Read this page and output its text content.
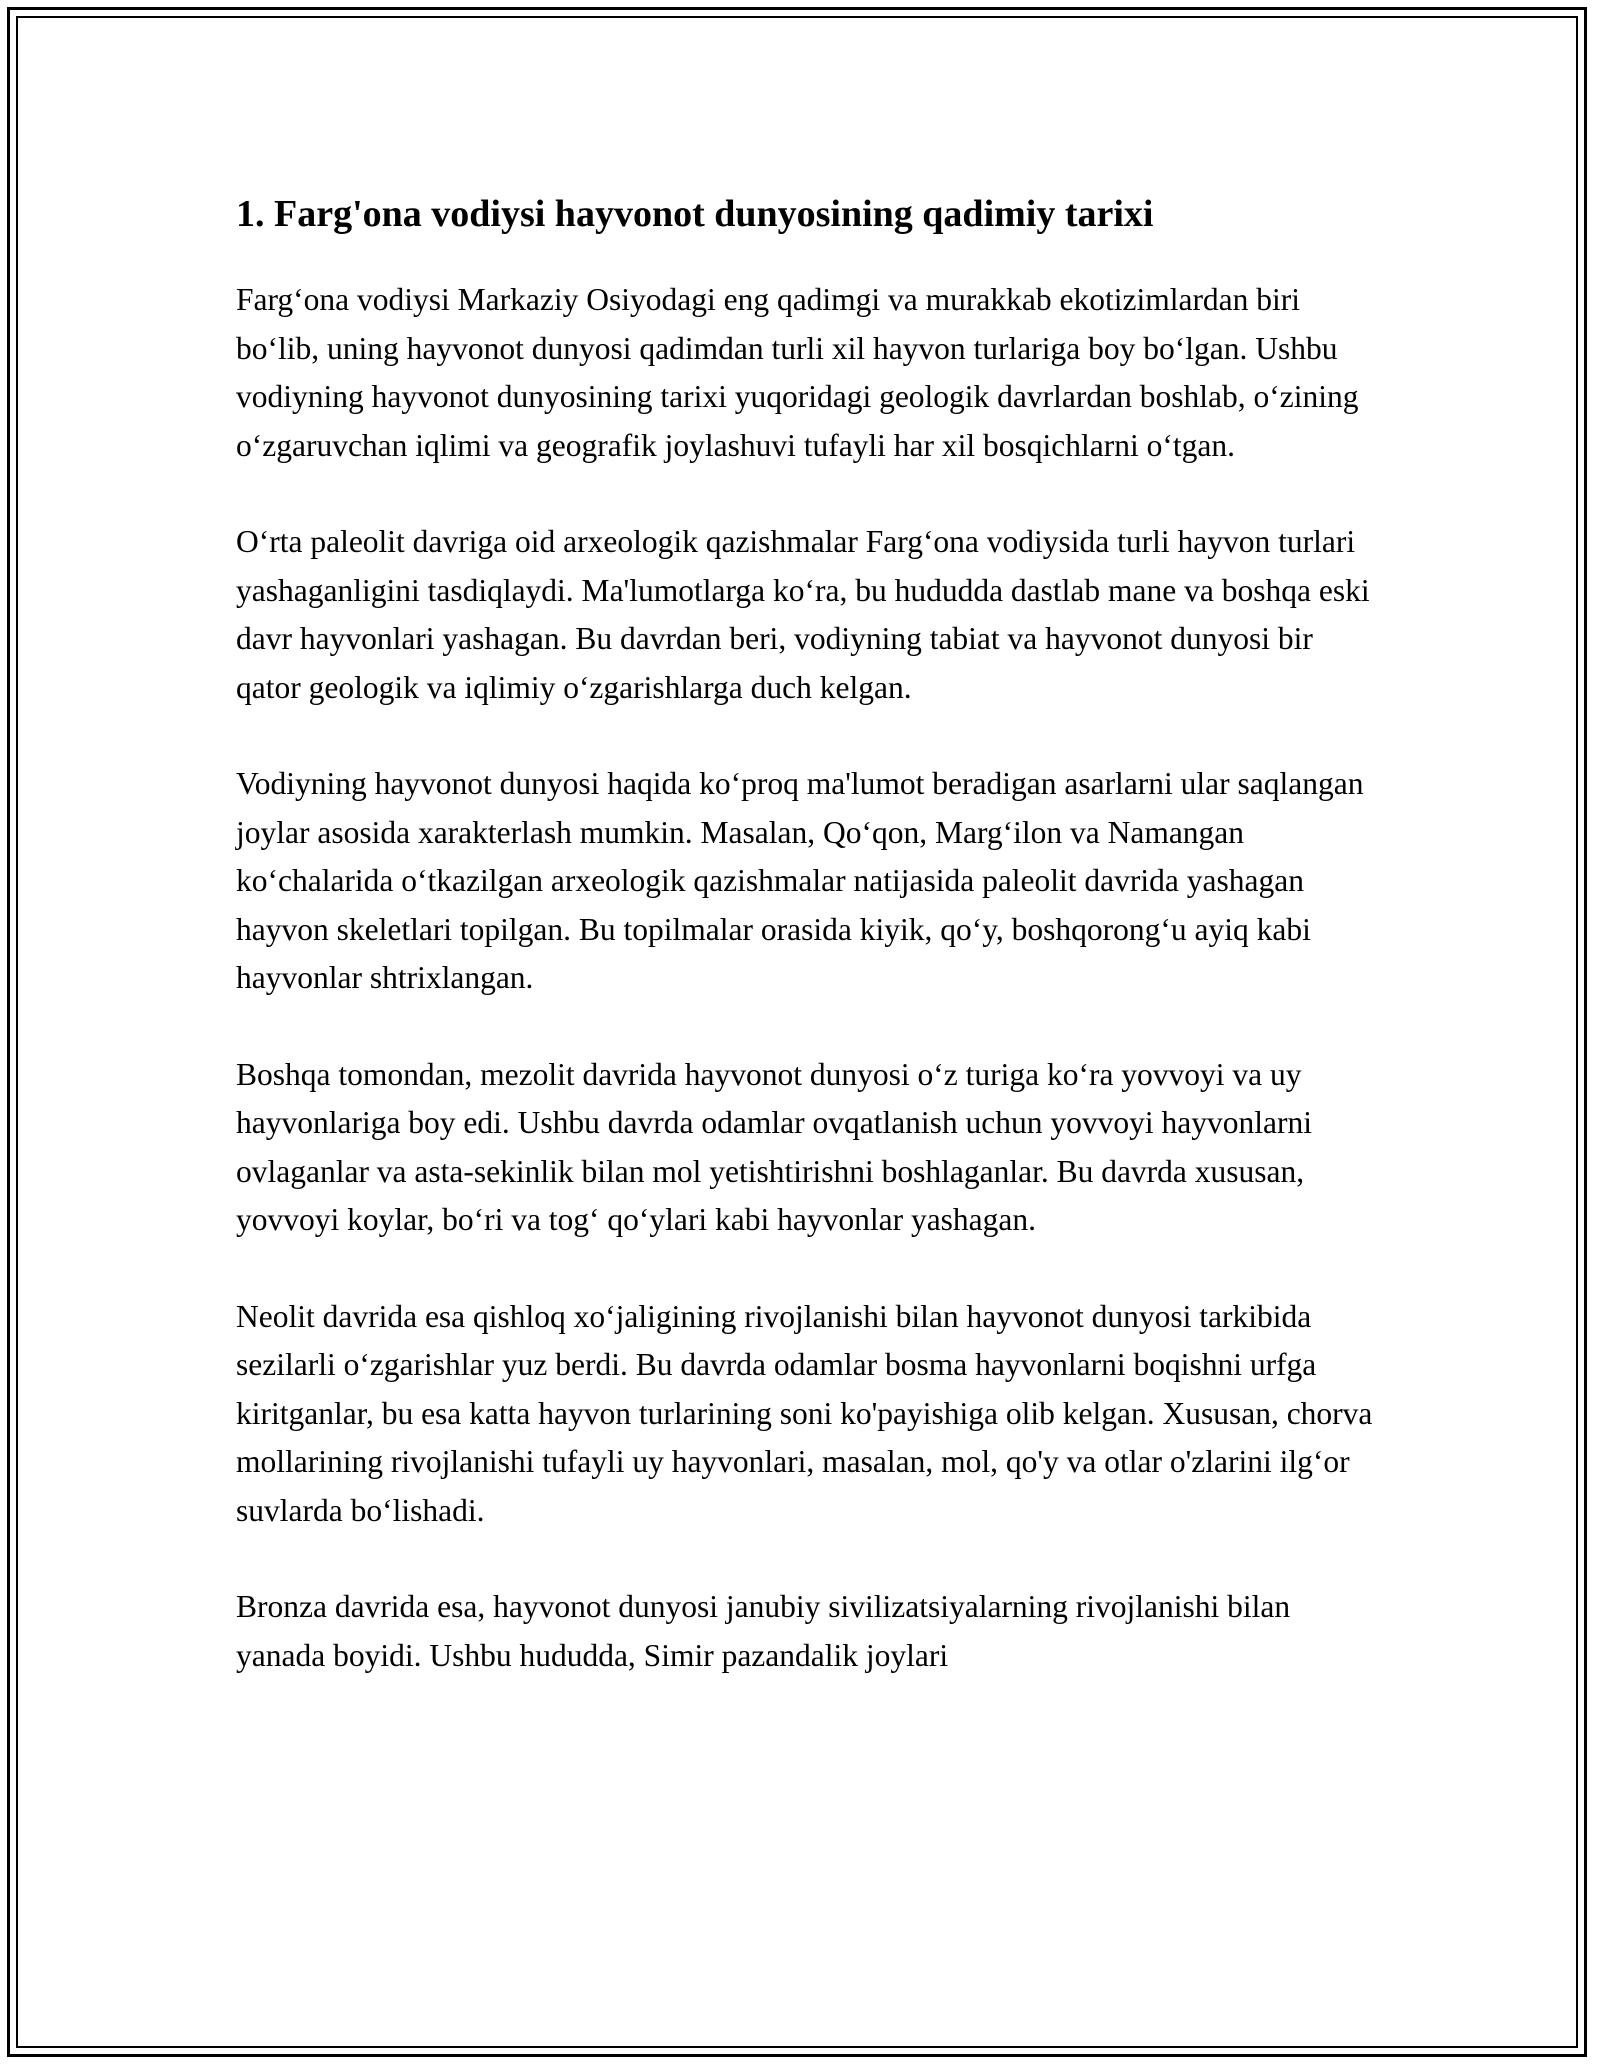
1. Farg'ona vodiysi hayvonot dunyosining qadimiy tarixi

Farg‘ona vodiysi Markaziy Osiyodagi eng qadimgi va murakkab ekotizimlardan biri bo‘lib, uning hayvonot dunyosi qadimdan turli xil hayvon turlariga boy bo‘lgan. Ushbu vodiyning hayvonot dunyosining tarixi yuqoridagi geologik davrlardan boshlab, o‘zining o‘zgaruvchan iqlimi va geografik joylashuvi tufayli har xil bosqichlarni o‘tgan.

O‘rta paleolit davriga oid arxeologik qazishmalar Farg‘ona vodiysida turli hayvon turlari yashaganligini tasdiqlaydi. Ma'lumotlarga ko‘ra, bu hududda dastlab mane va boshqa eski davr hayvonlari yashagan. Bu davrdan beri, vodiyning tabiat va hayvonot dunyosi bir qator geologik va iqlimiy o‘zgarishlarga duch kelgan.

Vodiyning hayvonot dunyosi haqida ko‘proq ma'lumot beradigan asarlarni ular saqlangan joylar asosida xarakterlash mumkin. Masalan, Qo‘qon, Marg‘ilon va Namangan ko‘chalarida o‘tkazilgan arxeologik qazishmalar natijasida paleolit davrida yashagan hayvon skeletlari topilgan. Bu topilmalar orasida kiyik, qo‘y, boshqorong‘u ayiq kabi hayvonlar shtrixlangan.

Boshqa tomondan, mezolit davrida hayvonot dunyosi o‘z turiga ko‘ra yovvoyi va uy hayvonlariga boy edi. Ushbu davrda odamlar ovqatlanish uchun yovvoyi hayvonlarni ovlaganlar va asta-sekinlik bilan mol yetishtirishni boshlaganlar. Bu davrda xususan, yovvoyi koylar, bo‘ri va tog‘ qo‘ylari kabi hayvonlar yashagan.

Neolit davrida esa qishloq xo‘jaligining rivojlanishi bilan hayvonot dunyosi tarkibida sezilarli o‘zgarishlar yuz berdi. Bu davrda odamlar bosma hayvonlarni boqishni urfga kiritganlar, bu esa katta hayvon turlarining soni ko'payishiga olib kelgan. Xususan, chorva mollarining rivojlanishi tufayli uy hayvonlari, masalan, mol, qo'y va otlar o'zlarini ilg‘or suvlarda bo‘lishadi.

Bronza davrida esa, hayvonot dunyosi janubiy sivilizatsiyalarning rivojlanishi bilan yanada boyidi. Ushbu hududda, Simir pazandalik joylari
